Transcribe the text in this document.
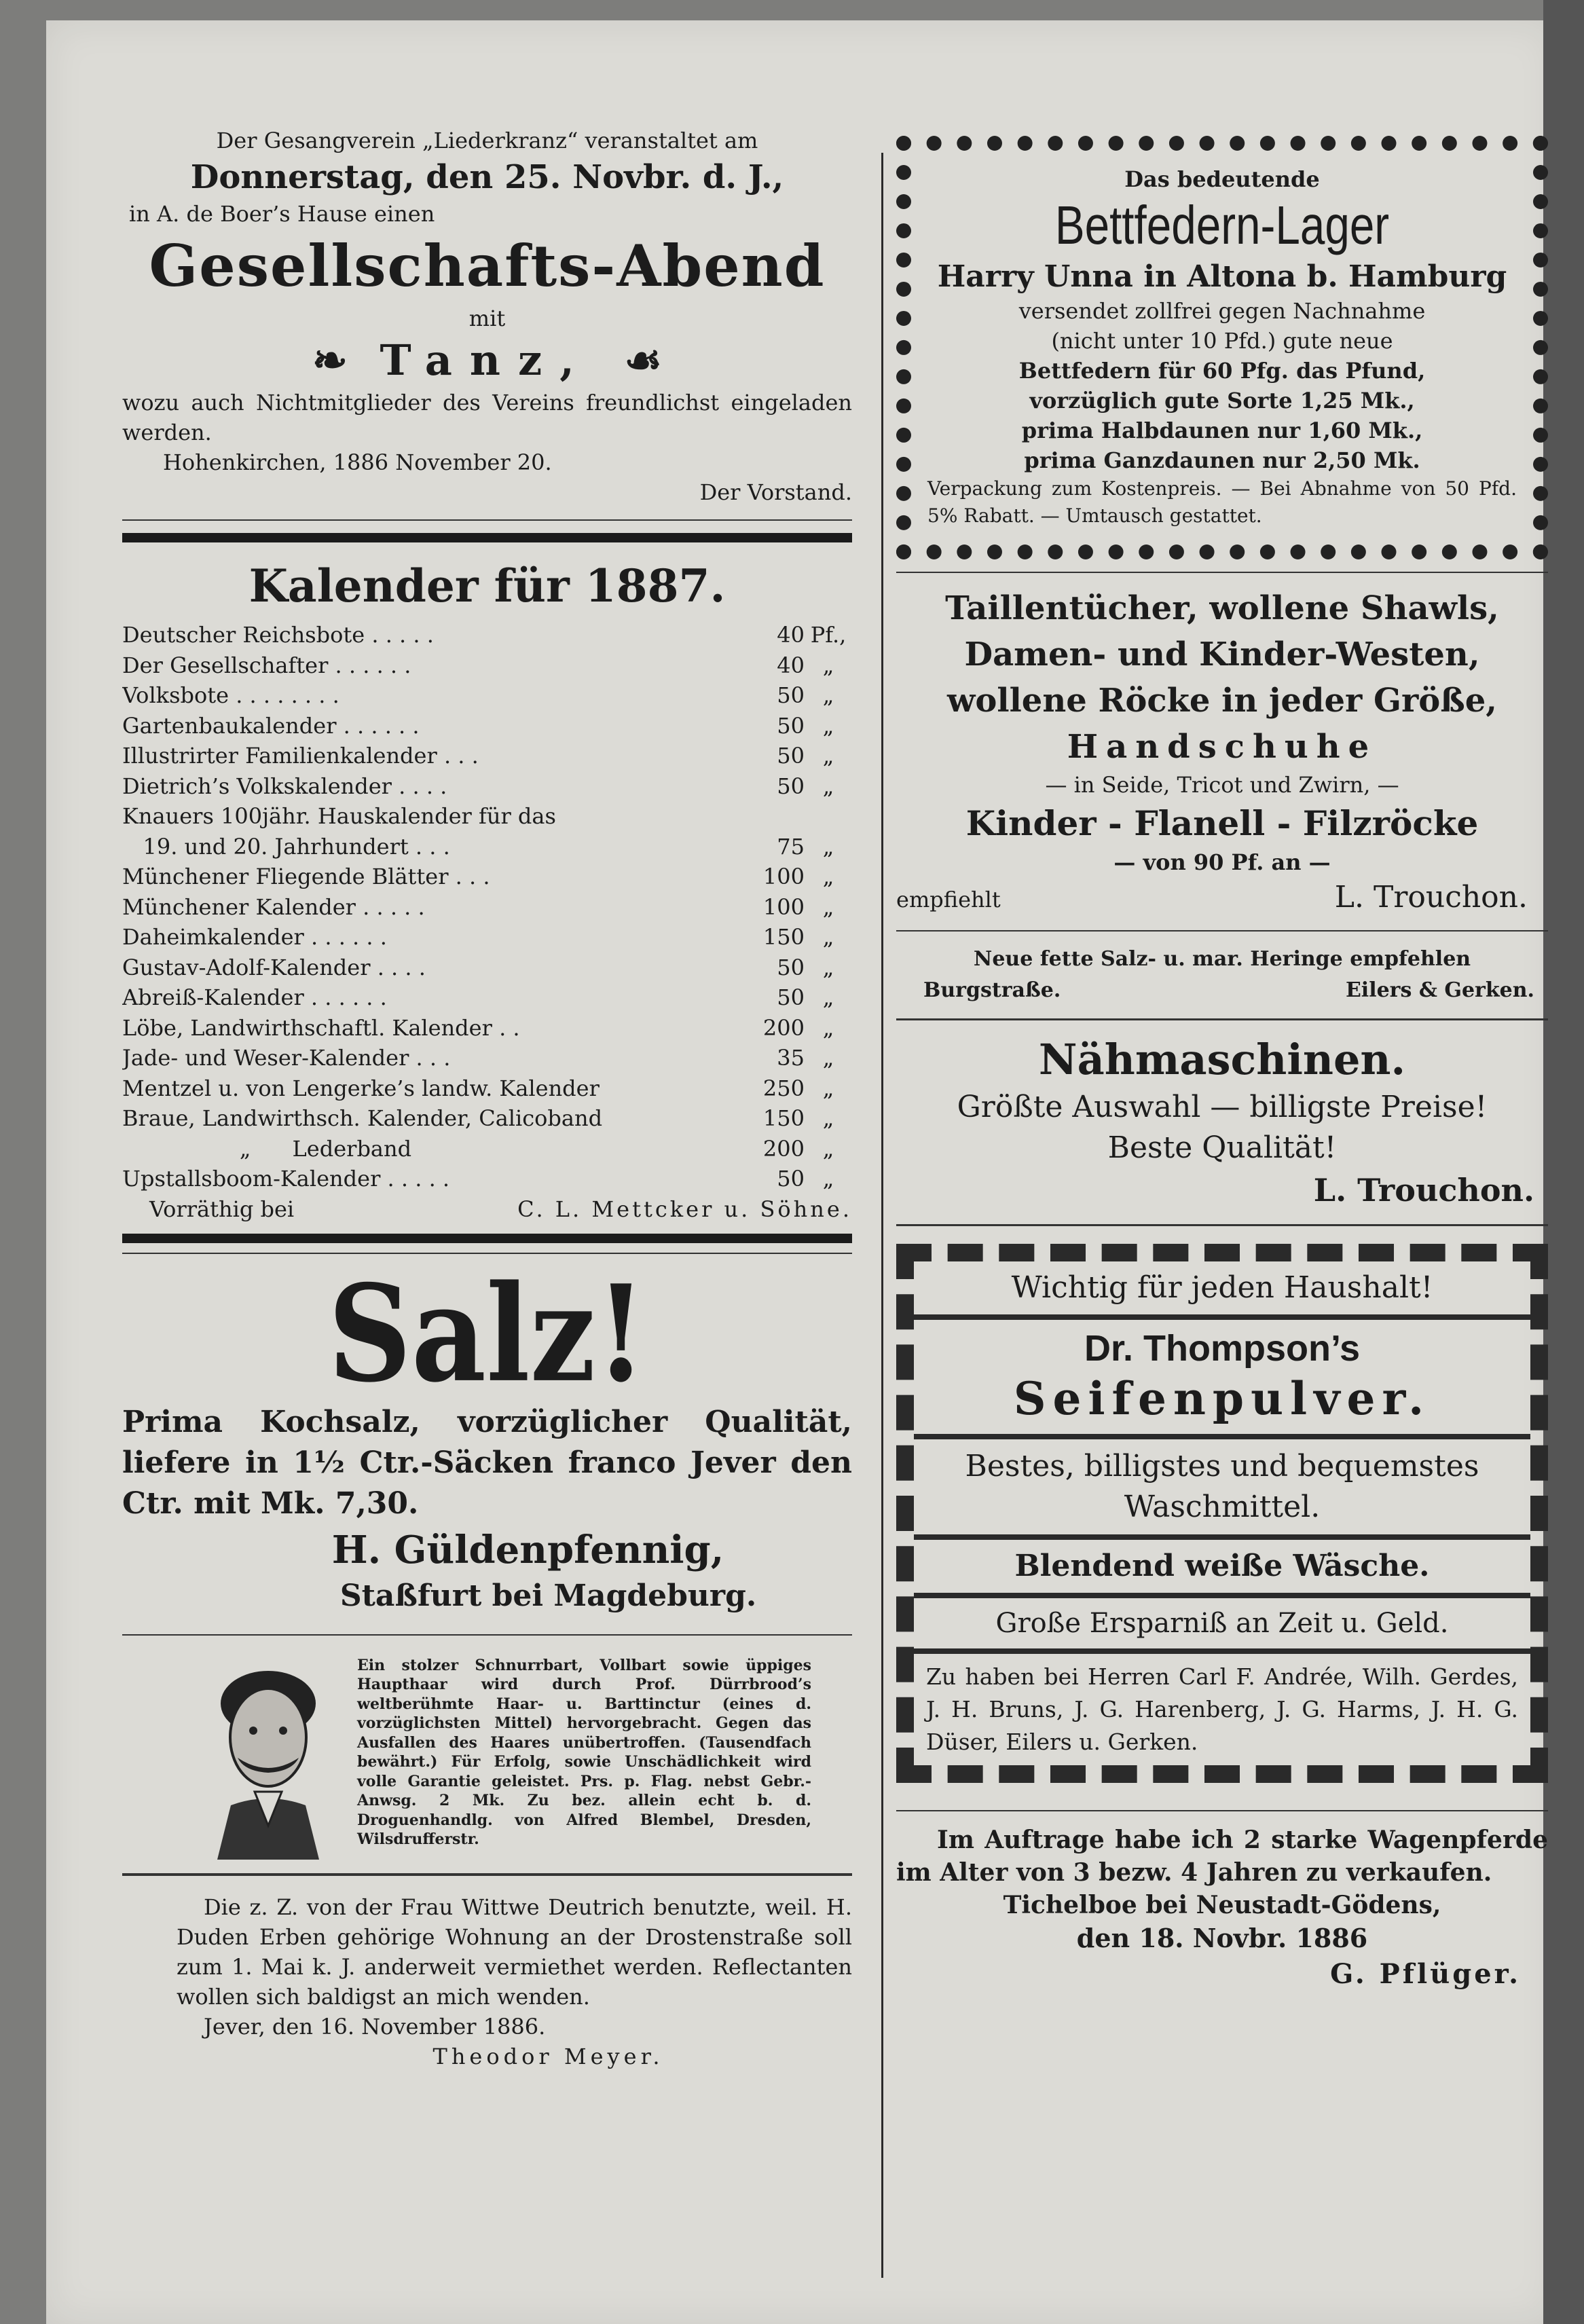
Der Gesangverein „Liederkranz“ veranstaltet am

Donnerstag, den 25. Novbr. d. J.,

in A. de Boer’s Hause einen

Gesellschafts-Abend

mit

❧ Tanz, ☙

wozu auch Nichtmitglieder des Vereins freundlichst eingeladen werden.

Hohenkirchen, 1886 November 20.

Der Vorstand.

Kalender für 1887.

Deutscher Reichsbote . . . . .	40 Pf.,
Der Gesellschafter . . . . . .	40 „
Volksbote . . . . . . . .	50 „
Gartenbaukalender . . . . . .	50 „
Illustrirter Familienkalender . . .	50 „
Dietrich’s Volkskalender . . . .	50 „
Knauers 100jähr. Hauskalender für das
19. und 20. Jahrhundert . . .	75 „
Münchener Fliegende Blätter . . .	100 „
Münchener Kalender . . . . .	100 „
Daheimkalender . . . . . .	150 „
Gustav-Adolf-Kalender . . . .	50 „
Abreiß-Kalender . . . . . .	50 „
Löbe, Landwirthschaftl. Kalender . .	200 „
Jade- und Weser-Kalender . . .	35 „
Mentzel u. von Lengerke’s landw. Kalender	250 „
Braue, Landwirthsch. Kalender, Calicoband	150 „
„      Lederband	200 „
Upstallsboom-Kalender . . . . .	50 „
Vorräthig bei	C. L. Mettcker u. Söhne.

Salz!

Prima Kochsalz, vorzüglicher Qualität, liefere in 1½ Ctr.-Säcken franco Jever den Ctr. mit Mk. 7,30.

H. Güldenpfennig,

Staßfurt bei Magdeburg.

Ein stolzer Schnurrbart, Vollbart sowie üppiges Haupthaar wird durch Prof. Dürrbrood’s weltberühmte Haar- u. Barttinctur (eines d. vorzüglichsten Mittel) hervorgebracht. Gegen das Ausfallen des Haares unübertroffen. (Tausendfach bewährt.) Für Erfolg, sowie Unschädlichkeit wird volle Garantie geleistet. Prs. p. Flag. nebst Gebr.-Anwsg. 2 Mk. Zu bez. allein echt b. d. Droguenhandlg. von Alfred Blembel, Dresden, Wilsdrufferstr.

Die z. Z. von der Frau Wittwe Deutrich benutzte, weil. H. Duden Erben gehörige Wohnung an der Drostenstraße soll zum 1. Mai k. J. anderweit vermiethet werden. Reflectanten wollen sich baldigst an mich wenden.

Jever, den 16. November 1886.

Theodor Meyer.

Das bedeutende

Bettfedern-Lager

Harry Unna in Altona b. Hamburg

versendet zollfrei gegen Nachnahme

(nicht unter 10 Pfd.) gute neue

Bettfedern für 60 Pfg. das Pfund,

vorzüglich gute Sorte 1,25 Mk.,

prima Halbdaunen nur 1,60 Mk.,

prima Ganzdaunen nur 2,50 Mk.

Verpackung zum Kostenpreis. — Bei Abnahme von 50 Pfd. 5% Rabatt. — Umtausch gestattet.

Taillentücher, wollene Shawls,

Damen- und Kinder-Westen,

wollene Röcke in jeder Größe,

Handschuhe

— in Seide, Tricot und Zwirn, —

Kinder - Flanell - Filzröcke

— von 90 Pf. an —

empfiehlt	L. Trouchon.

Neue fette Salz- u. mar. Heringe empfehlen

Burgstraße.	Eilers & Gerken.

Nähmaschinen.

Größte Auswahl — billigste Preise!

Beste Qualität!

L. Trouchon.

Wichtig für jeden Haushalt!

Dr. Thompson’s

Seifenpulver.

Bestes, billigstes und bequemstes Waschmittel.

Blendend weiße Wäsche.

Große Ersparniß an Zeit u. Geld.

Zu haben bei Herren Carl F. Andrée, Wilh. Gerdes, J. H. Bruns, J. G. Harenberg, J. G. Harms, J. H. G. Düser, Eilers u. Gerken.

Im Auftrage habe ich 2 starke Wagenpferde im Alter von 3 bezw. 4 Jahren zu verkaufen.

Tichelboe bei Neustadt-Gödens,

den 18. Novbr. 1886

G. Pflüger.
